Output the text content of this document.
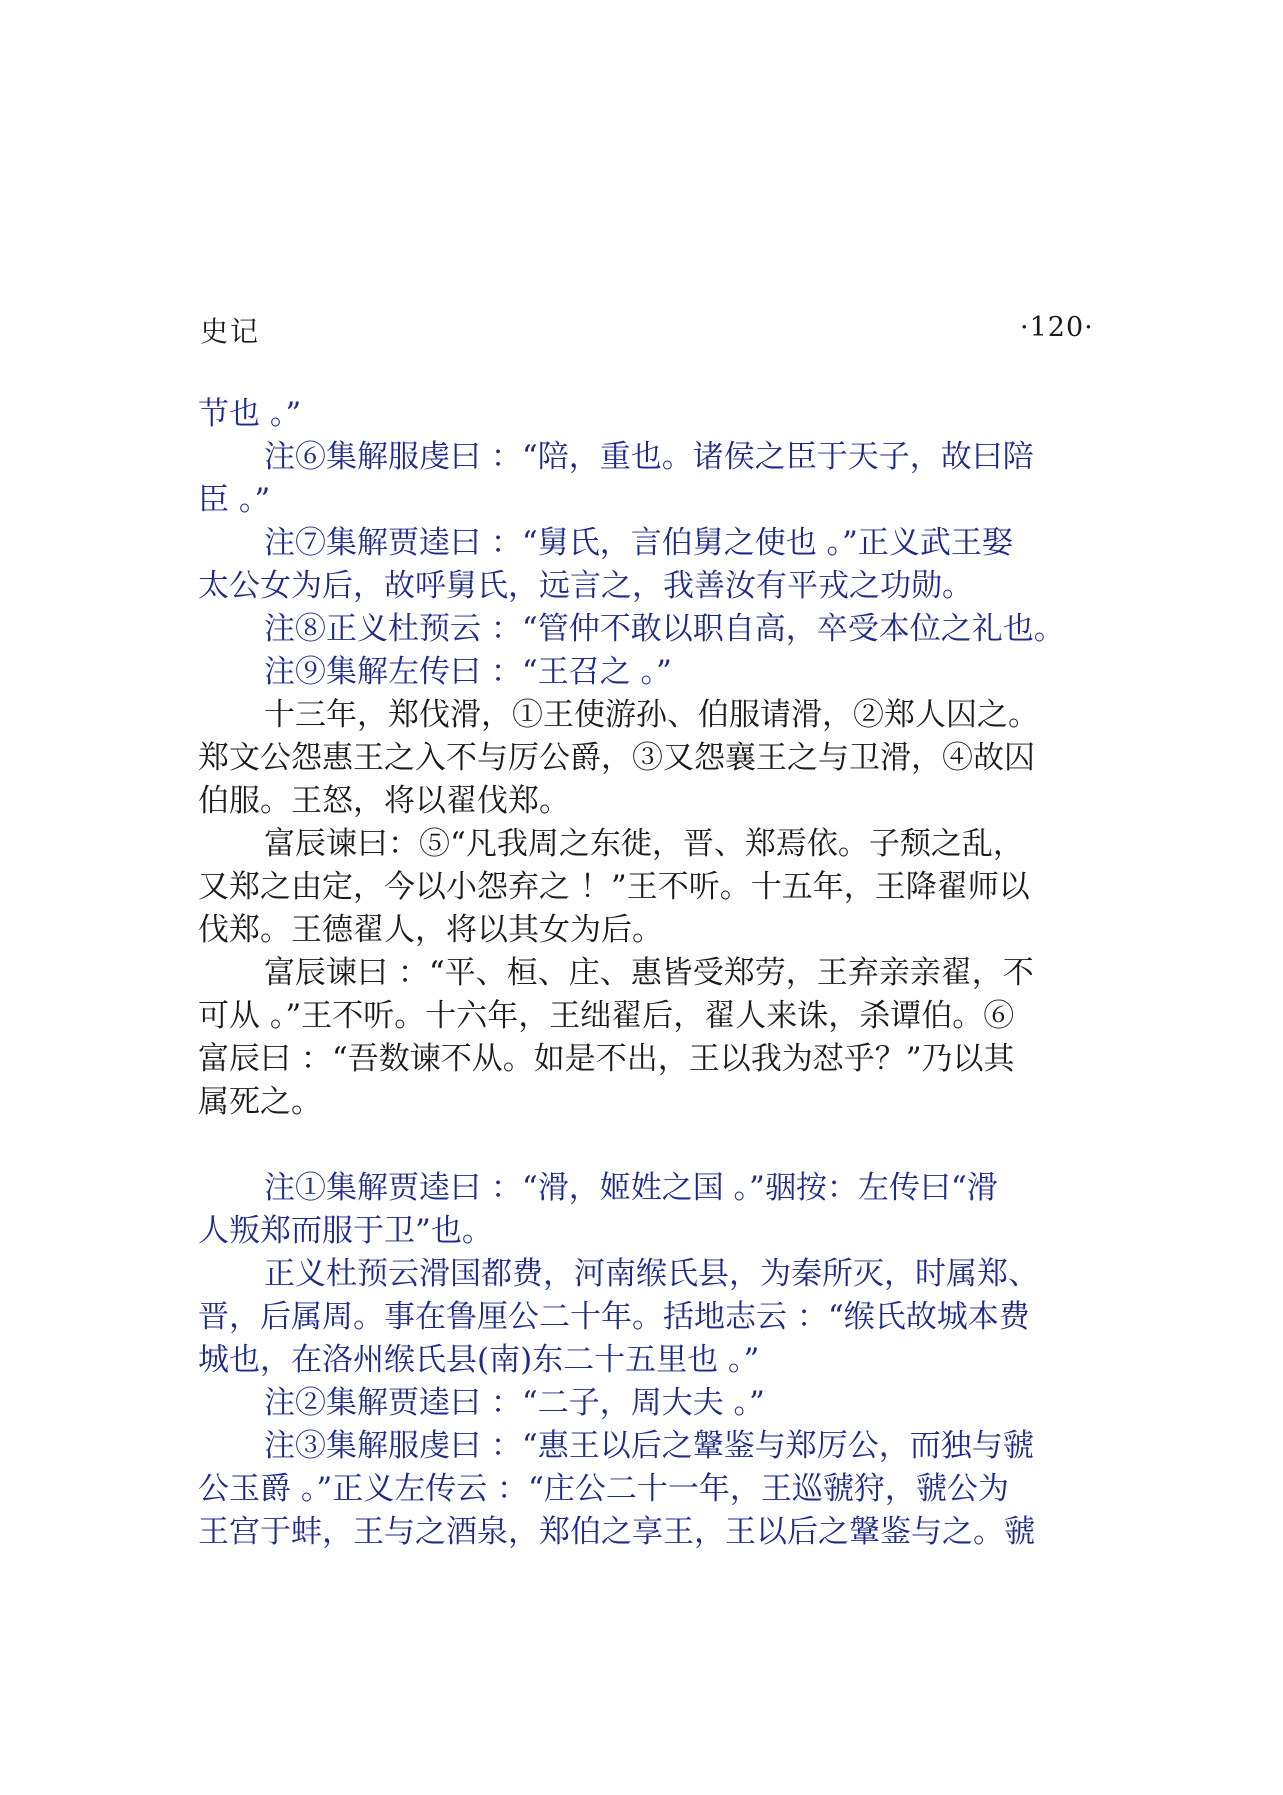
史记	·120·
节也 。”
注⑥集解服虔曰 ：“陪，重也。诸侯之臣于天子，故曰陪
臣 。”
注⑦集解贾逵曰 ：“舅氏，言伯舅之使也 。”正义武王娶
太公女为后，故呼舅氏，远言之，我善汝有平戎之功勋。
注⑧正义杜预云 ：“管仲不敢以职自高，卒受本位之礼也。
注⑨集解左传曰 ：“王召之 。”
十三年，郑伐滑，①王使游孙、伯服请滑，②郑人囚之。
郑文公怨惠王之入不与厉公爵，③又怨襄王之与卫滑，④故囚
伯服。王怒，将以翟伐郑。
富辰谏曰：⑤“凡我周之东徙，晋、郑焉依。子颓之乱，
又郑之由定，今以小怨弃之 ！”王不听。十五年，王降翟师以
伐郑。王德翟人，将以其女为后。
富辰谏曰 ：“平、桓、庄、惠皆受郑劳，王弃亲亲翟，不
可从 。”王不听。十六年，王绌翟后，翟人来诛，杀谭伯。⑥
富辰曰 ：“吾数谏不从。如是不出，王以我为怼乎？”乃以其
属死之。
注①集解贾逵曰 ：“滑，姬姓之国 。”骃按：左传曰“滑
人叛郑而服于卫”也。
正义杜预云滑国都费，河南缑氏县，为秦所灭，时属郑、
晋，后属周。事在鲁厘公二十年。括地志云 ：“缑氏故城本费
城也，在洛州缑氏县(南)东二十五里也 。”
注②集解贾逵曰 ：“二子，周大夫 。”
注③集解服虔曰 ：“惠王以后之鞶鉴与郑厉公，而独与虢
公玉爵 。”正义左传云 ：“庄公二十一年，王巡虢狩，虢公为
王宫于蚌，王与之酒泉，郑伯之享王，王以后之鞶鉴与之。虢
